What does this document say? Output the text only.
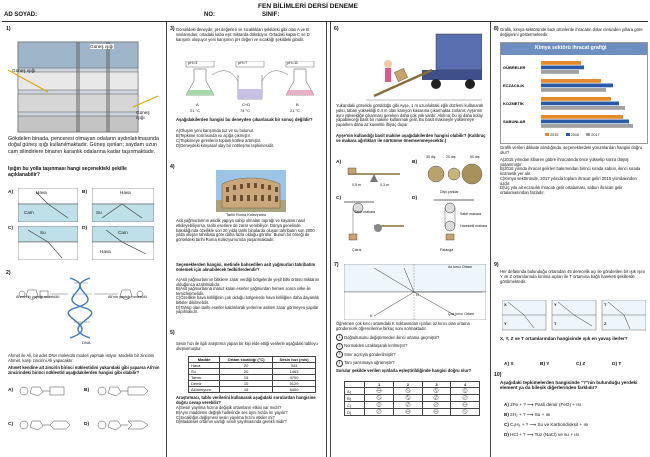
FEN BİLİMLERİ DERSİ DENEME
AD SOYAD:	NO:	SINIF:
1)
Güneş ışığı
Güneş ışığı
Güneş ışığı
Gökdelen binada, penceresi olmayan odaların aydınlatılmasında doğal güneş ışığı kullanılmaktadır. Güneş ışınları; saydam uzun cam silindirlere binanın karanlık odalarına kadar taşınmaktadır.
Işığın bu yolla taşınması hangi seçenekteki şekille açıklanabilir?
A)	B)
C)	D)
Hava
Cam
Hava
Su
Su	Cam
Hava
2)
Ahmet'in yaptığı molekülü	Ali'nin yaptığı molekülü
DNA
Ahmet ile Ali, bir adet DNA molekülü modeli yapmak istiyor. Modelin bir zincirini Ahmet, karşı zincirini Ali yapacaktır.
Ahmet kendine ait zincirin birinci nükleotidini yukarıdaki gibi yaparsa Ali'nin zincirindeki birinci nükleotid aşağıdakilerden hangisi gibi olabilir?
A)	B)
C)	D)
3) Görseldeki deneyde; pH değerleri ve sıcaklıkları şekildeki gibi olan A ve B sıvılarından, ortadaki kaba eşit miktarda dökülüyor. Ortadaki kapta C ve D karışımı oluşuyor yeni karışımın pH değeri ve sıcaklığı şekildeki gibidir.
pH=3	pH=7	pH=11
A	C+D	B
21 °C	74 °C	21 °C
Aşağıdakilerden hangisi bu deneyden çıkarılacak bir sonuç değildir?
A)Oluşan yeni karışımda tuz ve su bulunur.
B)Tepkime sonrasında ısı açığa çıkmıştır.
C)Tepkimeye girenlerin toplam kütlesi artmıştır.
D)Deneydeki kimyasal olay bir nötrleşme tepkimesidir.
4)
Tarihi Roma Kolezyumu
Asit yağmurlarının asidik yapıya sahip olmaları toprağı ve kayaları nasıl etkileyebiliyorsa, tarihi eserlere de zarar verebiliyor. Dünya genelinde bakıldığında özellikle son 20 yılda tarihi binalarda oluşan tahribatın son 2000 yılda oluşan tahribata göre daha fazla olduğu görülür. Bunun bir örneği de görseldeki tarihi Roma Kolezyumu'nda yaşanmaktadır.
Seçeneklerden hangisi, metinde bahsedilen asit yağmurları tahribatını önlemek için alınabilecek tedbirlerdendir?
A)Asit yağmurlarının bitkilere zarar verdiği bölgelerde yeşil bitki örtüsü miktarını olduğunca azaltılmalıdır.
B)Asit yağmurlarına maruz kalan eserler yağmurdan hemen sonra sirke ile temizlenmelidir.
C)Özellikle hava kirliliğinin çok olduğu bölgelerde hava kirliliğine daha dayanıklı bitkiler dikilmelidir.
D)Tahrip olan tarihi eserler kaldırılarak yerlerine asitten zarar görmeyen yapılar yapılmalıdır.
5)
Sesin hızı ile ilgili araştırma yapan bir kişi elde ettiği verilerle aşağıdaki tabloyu oluşturmuştur.
Madde	Ortam sıcaklığı (°C)	Sesin hızı (m/s)
Hava	20	343
Su	20	1463
Tahta	15	4700
Demir	10	5129
Alüminyum	15	6400
Araştırmacı, tablo verilerini kullanarak aşağıdaki sorulardan hangisine doğru cevap verebilir?
A)Sesin yayılma hızına değişik ortamların etkisi var mıdır?
B)Aynı maddenin değişik hallerinde ses aynı hızda mı yayılır?
C)Sıcaklığın değişmesi sesin yayılma hızını etkiler mi?
D)Maddesel ortamın varlığı sesin yayılmasında gerekli midir?
6)
Yukarıdaki görselde görüldüğü gibi Ayşe, 1 m uzunluktaki eğik düzlemi kullanarak yükü, taban yüksekliği 0,4 m olan kamyon kasasına çıkarmakta zorlanır. Ayşe'nin aynı yüksekliğe çıkarması gereken daha çok yük vardır. Akılına; bu işi daha kolay yapabileceği basit bir makine kullanmak gelir. Bu basit makineyle yüklemeye yaparken daha az kuvvetle iftiyaç duyar.
Ayşe'nin kullandığı basit makine aşağıdakilerden hangisi olabilir? (Kaldıraç ve makara ağırlıkları ile sürtünme önemsenmeyecektir.)
A)	B)
C)	D)
0,5 m	0,3 m
30 diş	20 diş	50 diş
Dişli çarklar
Sabit makara
Çıkrık
Sabit makara
Hareketli makara
Palanga
7)	Az kırıcı Ortam
Çok kırıcı Ortam
K
O
Öğretmen çok kırıcı ortamdaki K noktasından ışınları az kırıcı olan ortama gönderecek öğrencilerine birkaç soru sormaktadır.
1 Doğrultusunu değiştirmeden ikinci ortama geçmiştir?
2 Normalden uzaklaşarak kırılmıştır?
3 Sınır açısıyla gönderilmiştir?
4 Tam yansımaya uğramıştır?
Sorular şekilde verilen ışınlarla eşleştirildiğinde hangisi doğru olur?
	1	2	3	4
A)				
B)				
C)				
D)				
8) Grafik, kimya sektöründe bazı ürünlerde ihracatın dolar cinsinden yıllara göre değişimini göstermektedir.
Kimya sektörü ihracat grafiği
GÜBRELER
ECZACILIK
KOZMETİK
SABUNLAR
2015	2016	2017
Grafik verileri dikkate alındığında, seçeneklerdeki yorumlardan hangisi doğru olur?
A)2015 yılından itibaren gübre ihracatında önce yükselip sonra düşüş yaşanmıştır.
B)2016 yılında ihracat gelirleri bakımından birinci sırada sabun, ikinci sırada kozmetik yer alır.
C)Kimya sektöründe, 2017 yılında toplam ihracat geliri 2015 yılındakinden azdır.
D)Üç yıla ait eczacılık ihracatı gelir ortalaması, sabun ihracatı gelir ortalamasından fazladır.
9)
Her defasında bulunduğu ortamdan 45 derecelik açı ile gönderilen bir ışık ışını Y ve Z ortamlarında kırılma açıları ile T ortamına bağlı hareketi şekillerde görülmektedir.
X
Y
Y
T
T
Z
X, Y, Z ve T ortamlarından hangisinde ışık en yavaş ilerler?
A) X	B) Y	C) Z	D) T
10)
Aşağıdaki tepkimelerden hangisinde "?"nin bulunduğu yerdeki element ya da bileşik diğerlerinden farklıdır?
A) 2Fe + ? ⟶ Pasli demir (FeO) + ısı
B) 2H₂ + ? ⟶ Su + ısı
C) C₆H₆ + ? ⟶ Su ve Karbondioksit + ısı
D) HCl + ? ⟶ Tuz (NaCl) ve su + ısı
